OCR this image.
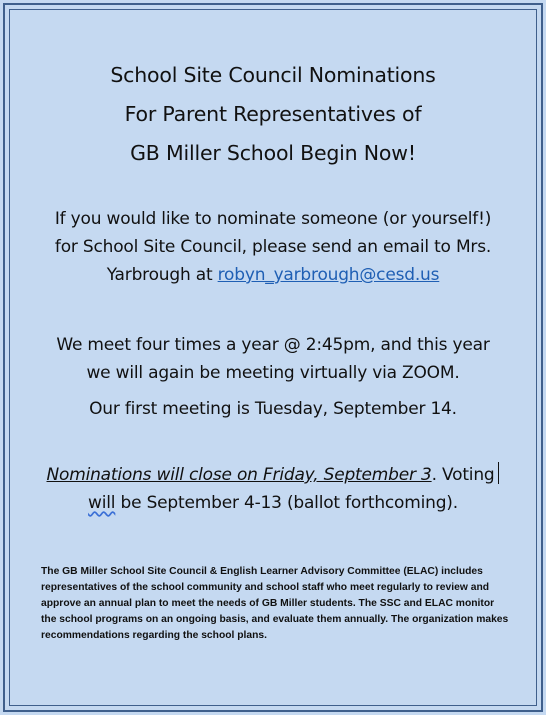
School Site Council Nominations
For Parent Representatives of
GB Miller School Begin Now!
If you would like to nominate someone (or yourself!)
for School Site Council, please send an email to Mrs.
Yarbrough at robyn_yarbrough@cesd.us
We meet four times a year @ 2:45pm, and this year
we will again be meeting virtually via ZOOM.
Our first meeting is Tuesday, September 14.
Nominations will close on Friday, September 3. Voting
will be September 4-13 (ballot forthcoming).
The GB Miller School Site Council & English Learner Advisory Committee (ELAC) includes representatives of the school community and school staff who meet regularly to review and approve an annual plan to meet the needs of GB Miller students. The SSC and ELAC monitor the school programs on an ongoing basis, and evaluate them annually. The organization makes recommendations regarding the school plans.
